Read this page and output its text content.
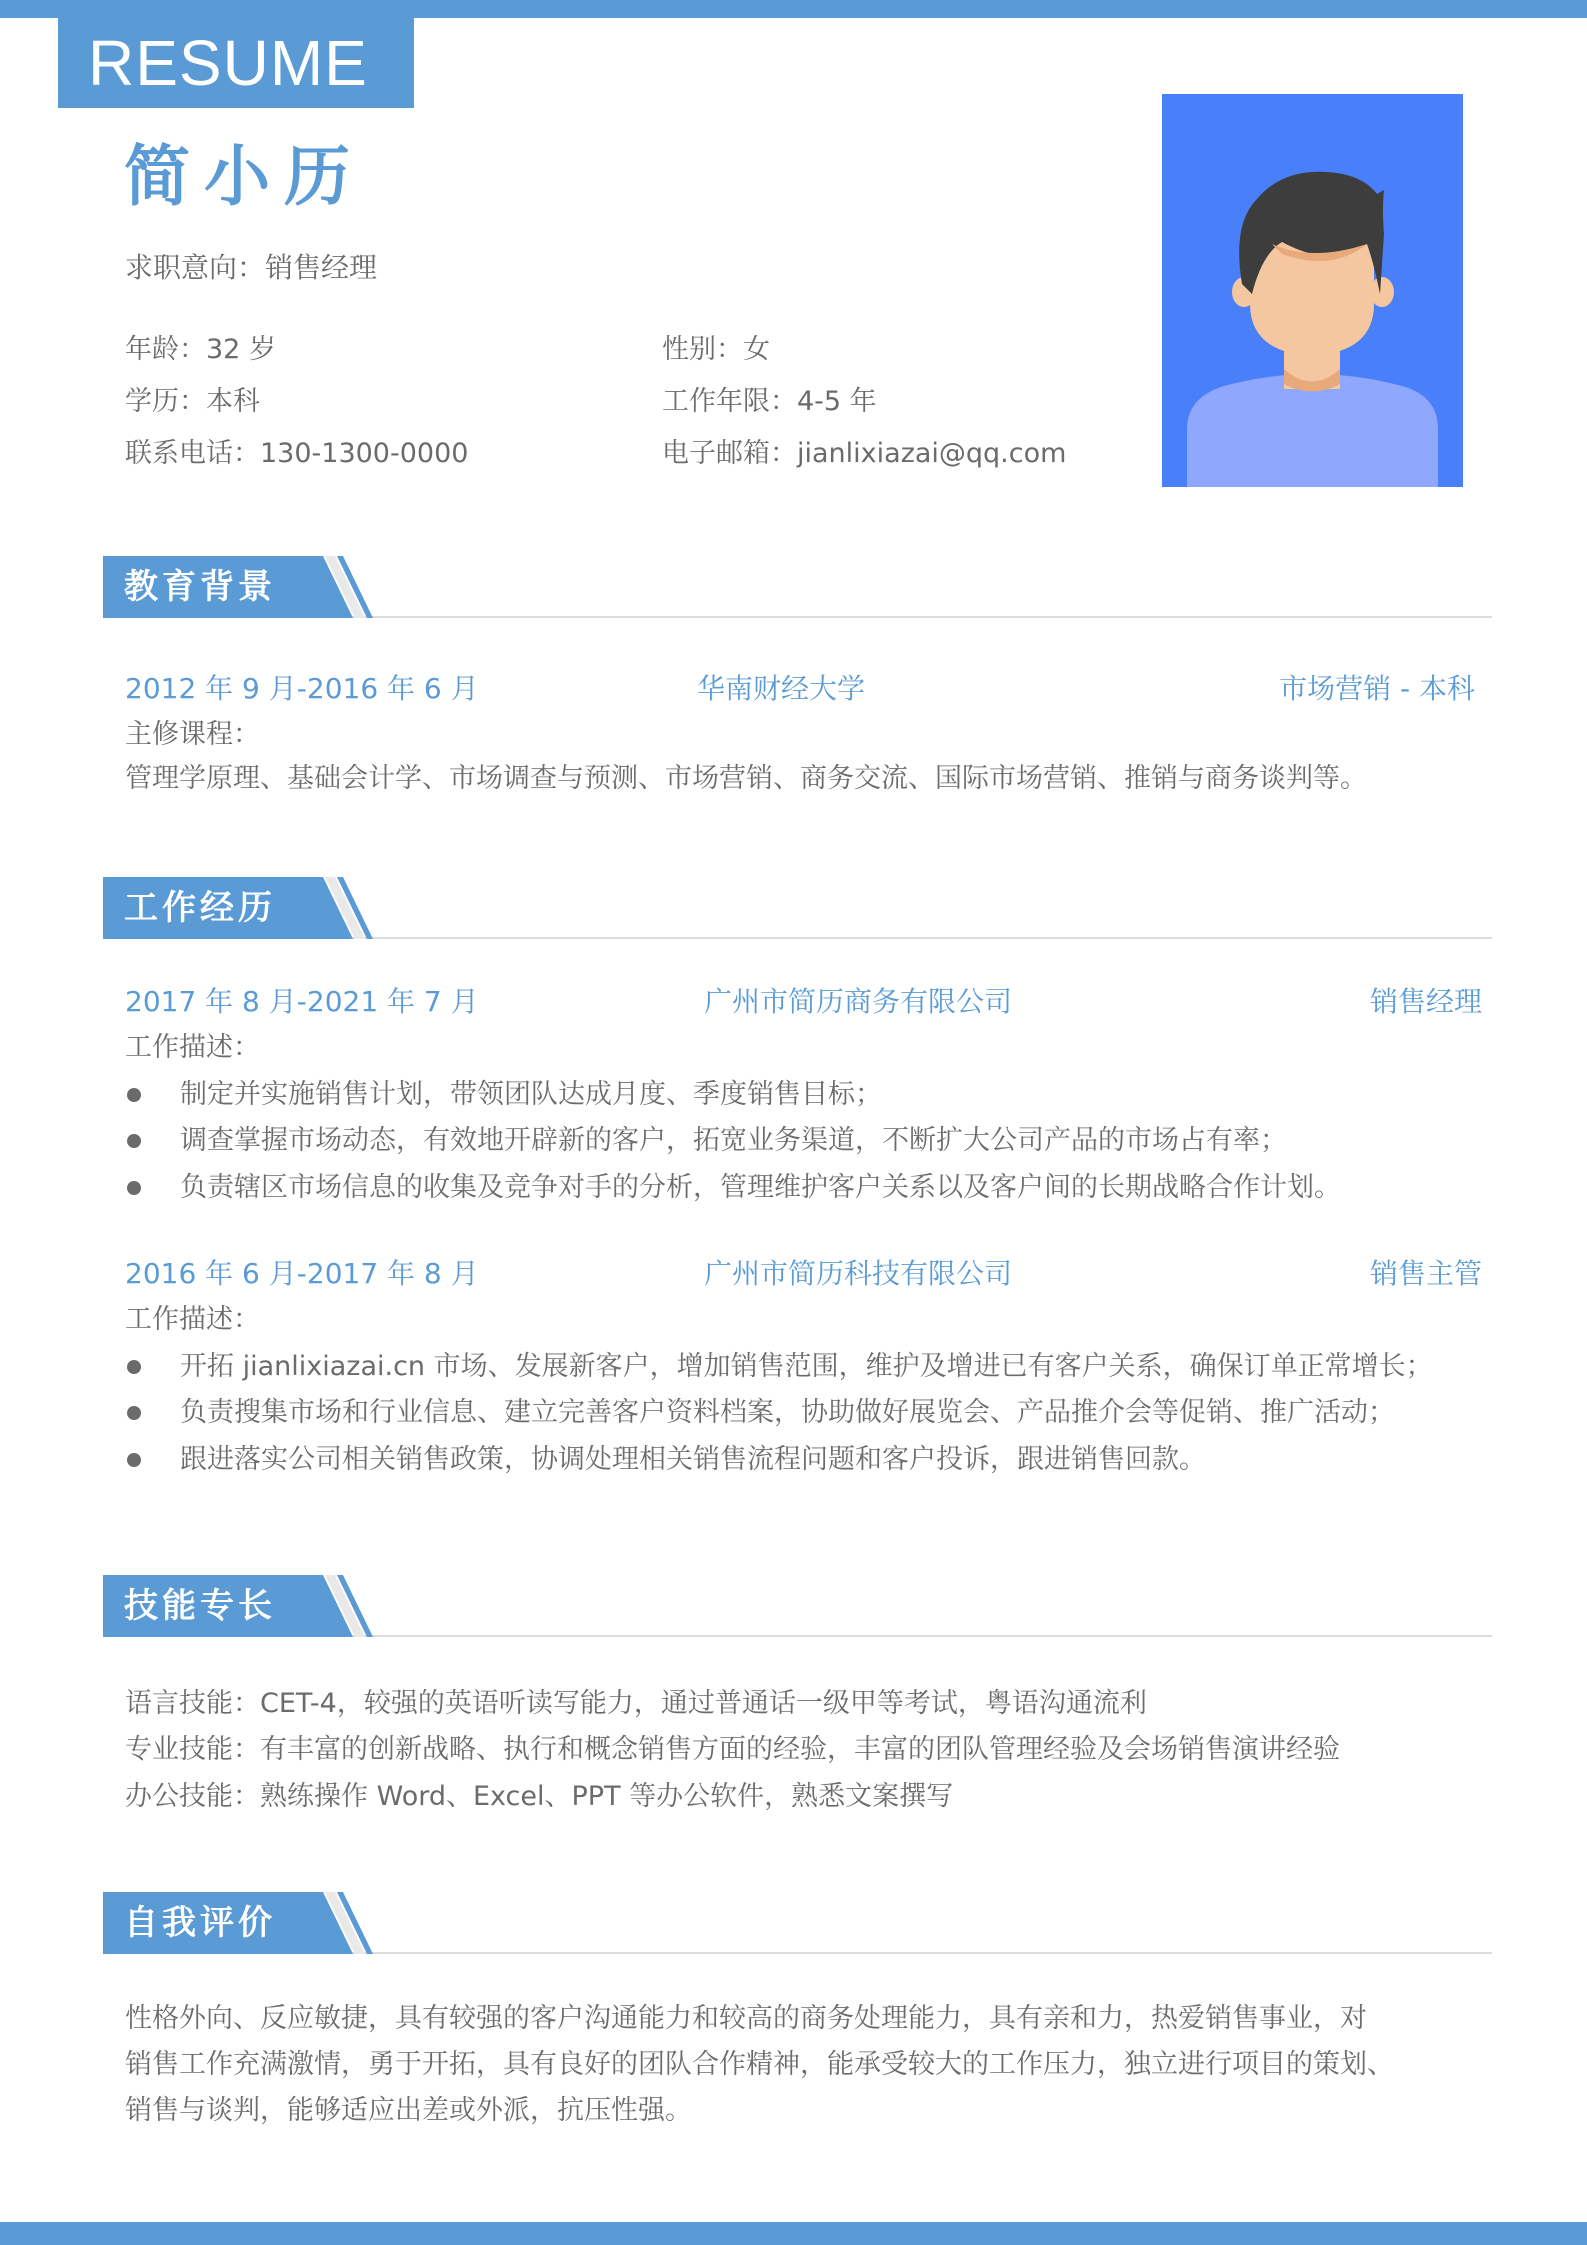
RESUME
简小历
求职意向：销售经理
年龄：32 岁	性别：女
学历：本科	工作年限：4-5 年
联系电话：130-1300-0000	电子邮箱：jianlixiazai@qq.com
教育背景
2012 年 9 月-2016 年 6 月	华南财经大学	市场营销 - 本科
主修课程：
管理学原理、基础会计学、市场调查与预测、市场营销、商务交流、国际市场营销、推销与商务谈判等。
工作经历
2017 年 8 月-2021 年 7 月	广州市简历商务有限公司	销售经理
工作描述：
制定并实施销售计划，带领团队达成月度、季度销售目标；
调查掌握市场动态，有效地开辟新的客户，拓宽业务渠道，不断扩大公司产品的市场占有率；
负责辖区市场信息的收集及竞争对手的分析，管理维护客户关系以及客户间的长期战略合作计划。
2016 年 6 月-2017 年 8 月	广州市简历科技有限公司	销售主管
工作描述：
开拓 jianlixiazai.cn 市场、发展新客户，增加销售范围，维护及增进已有客户关系，确保订单正常增长；
负责搜集市场和行业信息、建立完善客户资料档案，协助做好展览会、产品推介会等促销、推广活动；
跟进落实公司相关销售政策，协调处理相关销售流程问题和客户投诉，跟进销售回款。
技能专长
语言技能：CET-4，较强的英语听读写能力，通过普通话一级甲等考试，粤语沟通流利
专业技能：有丰富的创新战略、执行和概念销售方面的经验，丰富的团队管理经验及会场销售演讲经验
办公技能：熟练操作 Word、Excel、PPT 等办公软件，熟悉文案撰写
自我评价
性格外向、反应敏捷，具有较强的客户沟通能力和较高的商务处理能力，具有亲和力，热爱销售事业，对
销售工作充满激情，勇于开拓，具有良好的团队合作精神，能承受较大的工作压力，独立进行项目的策划、
销售与谈判，能够适应出差或外派，抗压性强。
